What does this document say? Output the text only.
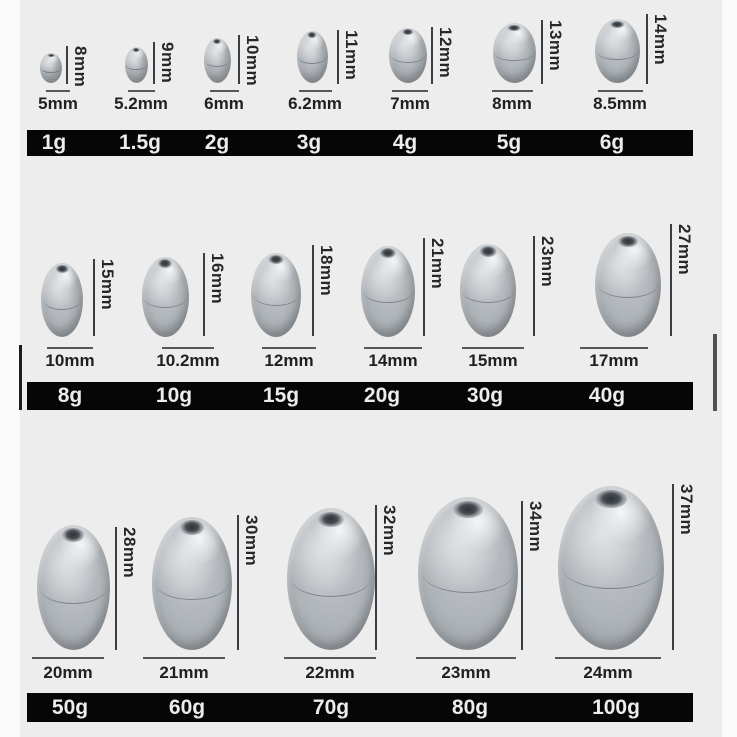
8mm
5mm
1g
9mm
5.2mm
1.5g
10mm
6mm
2g
11mm
6.2mm
3g
12mm
7mm
4g
13mm
8mm
5g
14mm
8.5mm
6g
15mm
10mm
8g
16mm
10.2mm
10g
18mm
12mm
15g
21mm
14mm
20g
23mm
15mm
30g
27mm
17mm
40g
28mm
20mm
50g
30mm
21mm
60g
32mm
22mm
70g
34mm
23mm
80g
37mm
24mm
100g
